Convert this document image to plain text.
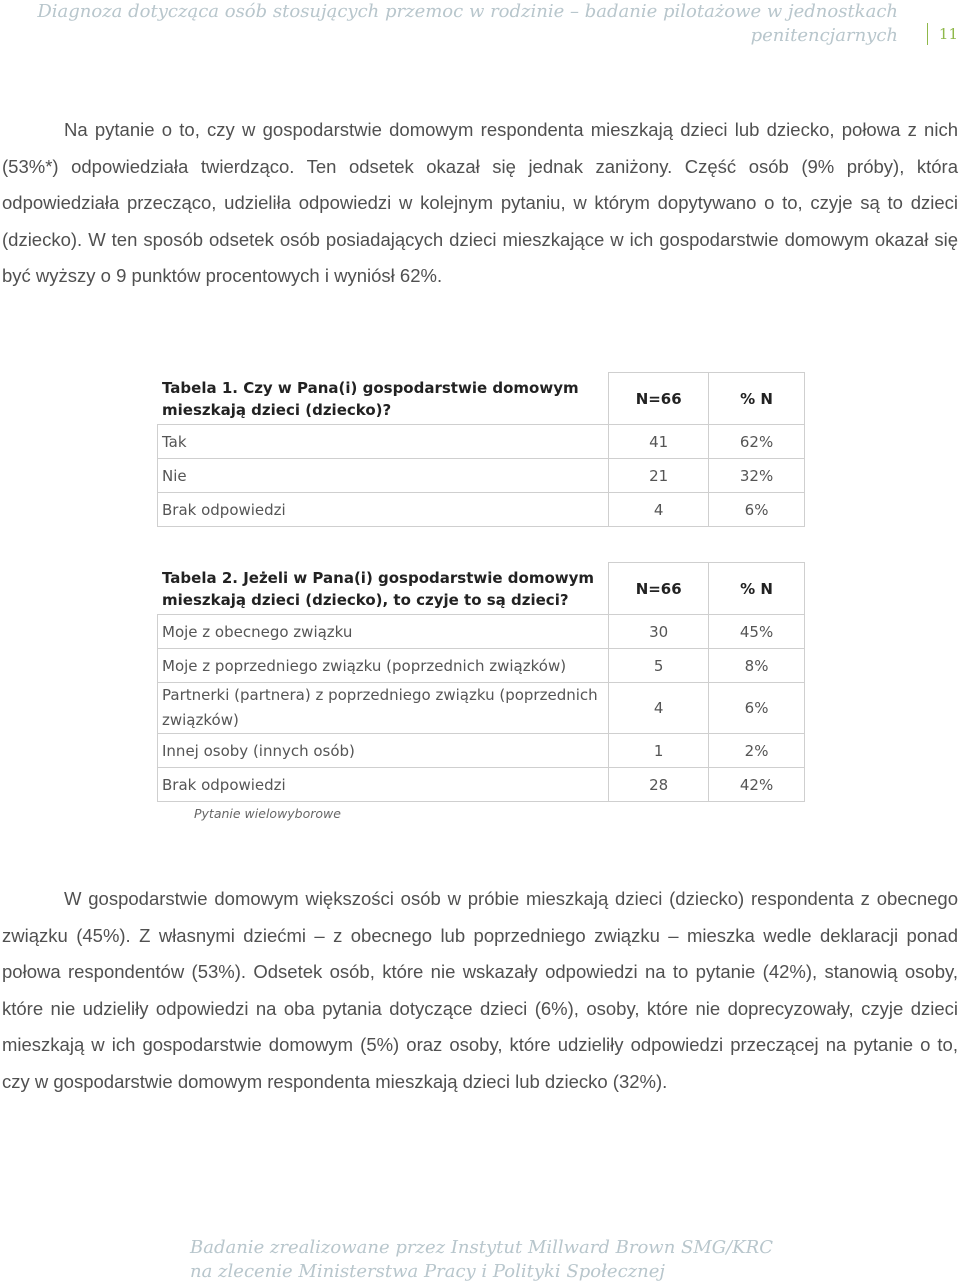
Diagnoza dotycząca osób stosujących przemoc w rodzinie – badanie pilotażowe w jednostkach
penitencjarnych	11

Na pytanie o to, czy w gospodarstwie domowym respondenta mieszkają dzieci lub dziecko, połowa z nich (53%*) odpowiedziała twierdząco. Ten odsetek okazał się jednak zaniżony. Część osób (9% próby), która odpowiedziała przecząco, udzieliła odpowiedzi w kolejnym pytaniu, w którym dopytywano o to, czyje są to dzieci (dziecko). W ten sposób odsetek osób posiadających dzieci mieszkające w ich gospodarstwie domowym okazał się być wyższy o 9 punktów procentowych i wyniósł 62%.

Tabela 1. Czy w Pana(i) gospodarstwie domowym mieszkają dzieci (dziecko)?	N=66	% N
Tak	41	62%
Nie	21	32%
Brak odpowiedzi	4	6%
Tabela 2. Jeżeli w Pana(i) gospodarstwie domowym mieszkają dzieci (dziecko), to czyje to są dzieci?	N=66	% N
Moje z obecnego związku	30	45%
Moje z poprzedniego związku (poprzednich związków)	5	8%
Partnerki (partnera) z poprzedniego związku (poprzednich związków)	4	6%
Innej osoby (innych osób)	1	2%
Brak odpowiedzi	28	42%
Pytanie wielowyborowe

W gospodarstwie domowym większości osób w próbie mieszkają dzieci (dziecko) respondenta z obecnego związku (45%). Z własnymi dziećmi – z obecnego lub poprzedniego związku – mieszka wedle deklaracji ponad połowa respondentów (53%). Odsetek osób, które nie wskazały odpowiedzi na to pytanie (42%), stanowią osoby, które nie udzieliły odpowiedzi na oba pytania dotyczące dzieci (6%), osoby, które nie doprecyzowały, czyje dzieci mieszkają w ich gospodarstwie domowym (5%) oraz osoby, które udzieliły odpowiedzi przeczącej na pytanie o to, czy w gospodarstwie domowym respondenta mieszkają dzieci lub dziecko (32%).

Badanie zrealizowane przez Instytut Millward Brown SMG/KRC
na zlecenie Ministerstwa Pracy i Polityki Społecznej
